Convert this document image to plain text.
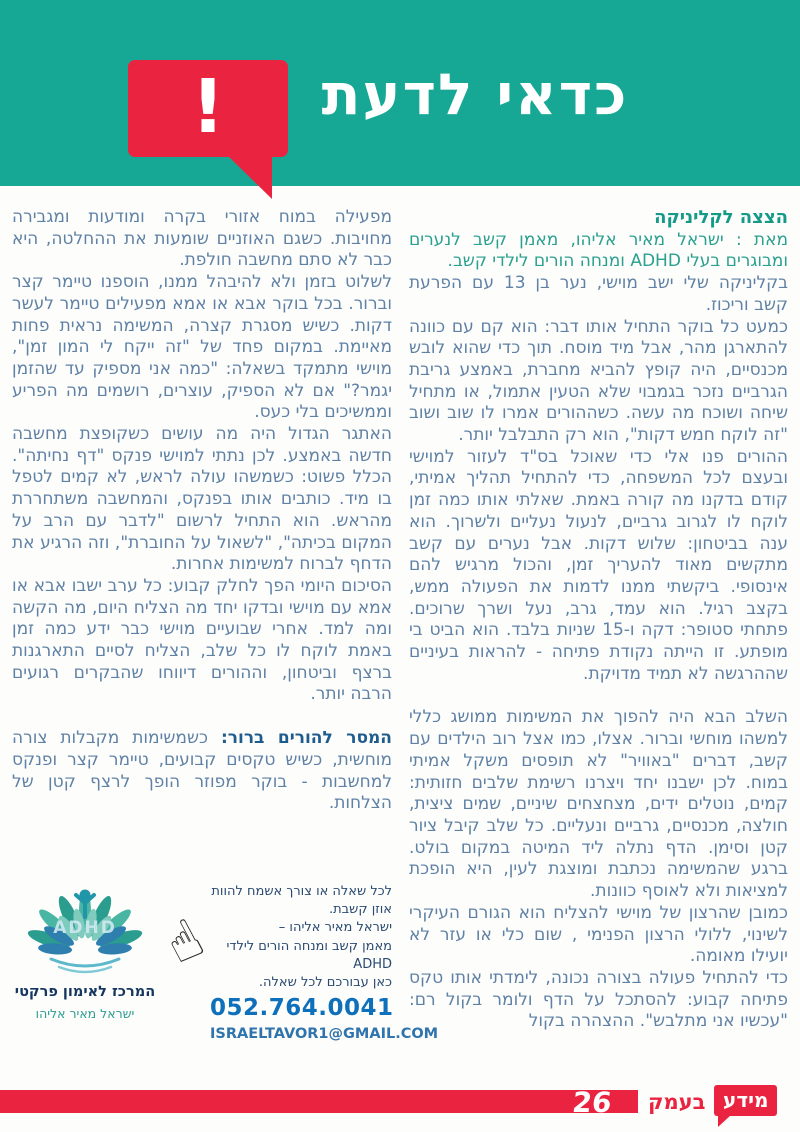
!	כדאי לדעת
הצצה לקליניקה

מאת : ישראל מאיר אליהו, מאמן קשב לנערים ומבוגרים בעלי ADHD ומנחה הורים לילדי קשב.

בקליניקה שלי ישב מוישי, נער בן 13 עם הפרעת קשב וריכוז.

כמעט כל בוקר התחיל אותו דבר: הוא קם עם כוונה להתארגן מהר, אבל מיד מוסח. תוך כדי שהוא לובש מכנסיים, היה קופץ להביא מחברת, באמצע גריבת הגרביים נזכר בגמבוי שלא הטעין אתמול, או מתחיל שיחה ושוכח מה עשה. כשההורים אמרו לו שוב ושוב "זה לוקח חמש דקות", הוא רק התבלבל יותר.

ההורים פנו אלי כדי שאוכל בס"ד לעזור למוישי ובעצם לכל המשפחה, כדי להתחיל תהליך אמיתי, קודם בדקנו מה קורה באמת. שאלתי אותו כמה זמן לוקח לו לגרוב גרביים, לנעול נעליים ולשרוך. הוא ענה בביטחון: שלוש דקות. אבל נערים עם קשב מתקשים מאוד להעריך זמן, והכול מרגיש להם אינסופי. ביקשתי ממנו לדמות את הפעולה ממש, בקצב רגיל. הוא עמד, גרב, נעל ושרך שרוכים. פתחתי סטופר: דקה ו-15 שניות בלבד. הוא הביט בי מופתע. זו הייתה נקודת פתיחה - להראות בעיניים שההרגשה לא תמיד מדויקת.

השלב הבא היה להפוך את המשימות ממושג כללי למשהו מוחשי וברור. אצלו, כמו אצל רוב הילדים עם קשב, דברים "באוויר" לא תופסים משקל אמיתי במוח. לכן ישבנו יחד ויצרנו רשימת שלבים חזותית: קמים, נוטלים ידים, מצחצחים שיניים, שמים ציצית, חולצה, מכנסיים, גרביים ונעליים. כל שלב קיבל ציור קטן וסימן. הדף נתלה ליד המיטה במקום בולט. ברגע שהמשימה נכתבת ומוצגת לעין, היא הופכת למציאות ולא לאוסף כוונות.

כמובן שהרצון של מוישי להצליח הוא הגורם העיקרי לשינוי, ללולי הרצון הפנימי , שום כלי או עזר לא יועילו מאומה.

כדי להתחיל פעולה בצורה נכונה, לימדתי אותו טקס פתיחה קבוע: להסתכל על הדף ולומר בקול רם: "עכשיו אני מתלבש". ההצהרה בקול

מפעילה במוח אזורי בקרה ומודעות ומגבירה מחויבות. כשגם האוזניים שומעות את ההחלטה, היא כבר לא סתם מחשבה חולפת.

לשלוט בזמן ולא להיבהל ממנו, הוספנו טיימר קצר וברור. בכל בוקר אבא או אמא מפעילים טיימר לעשר דקות. כשיש מסגרת קצרה, המשימה נראית פחות מאיימת. במקום פחד של "זה ייקח לי המון זמן", מוישי מתמקד בשאלה: "כמה אני מספיק עד שהזמן יגמר?" אם לא הספיק, עוצרים, רושמים מה הפריע וממשיכים בלי כעס.

האתגר הגדול היה מה עושים כשקופצת מחשבה חדשה באמצע. לכן נתתי למוישי פנקס "דף נחיתה". הכלל פשוט: כשמשהו עולה לראש, לא קמים לטפל בו מיד. כותבים אותו בפנקס, והמחשבה משתחררת מהראש. הוא התחיל לרשום "לדבר עם הרב על המקום בכיתה", "לשאול על החוברת", וזה הרגיע את הדחף לברוח למשימות אחרות.

הסיכום היומי הפך לחלק קבוע: כל ערב ישבו אבא או אמא עם מוישי ובדקו יחד מה הצליח היום, מה הקשה ומה למד. אחרי שבועיים מוישי כבר ידע כמה זמן באמת לוקח לו כל שלב, הצליח לסיים התארגנות ברצף וביטחון, וההורים דיווחו שהבקרים רגועים הרבה יותר.

המסר להורים ברור: כשמשימות מקבלות צורה מוחשית, כשיש טקסים קבועים, טיימר קצר ופנקס למחשבות - בוקר מפוזר הופך לרצף קטן של הצלחות.

לכל שאלה או צורך אשמח להוות אוזן קשבת.

ישראל מאיר אליהו –

מאמן קשב ומנחה הורים לילדי ADHD

כאן עבורכם לכל שאלה.

052.764.0041

ISRAELTAVOR1@GMAIL.COM

☝
ADHD

המרכז לאימון פרקטי

ישראל מאיר אליהו

26	בעמק מידע
